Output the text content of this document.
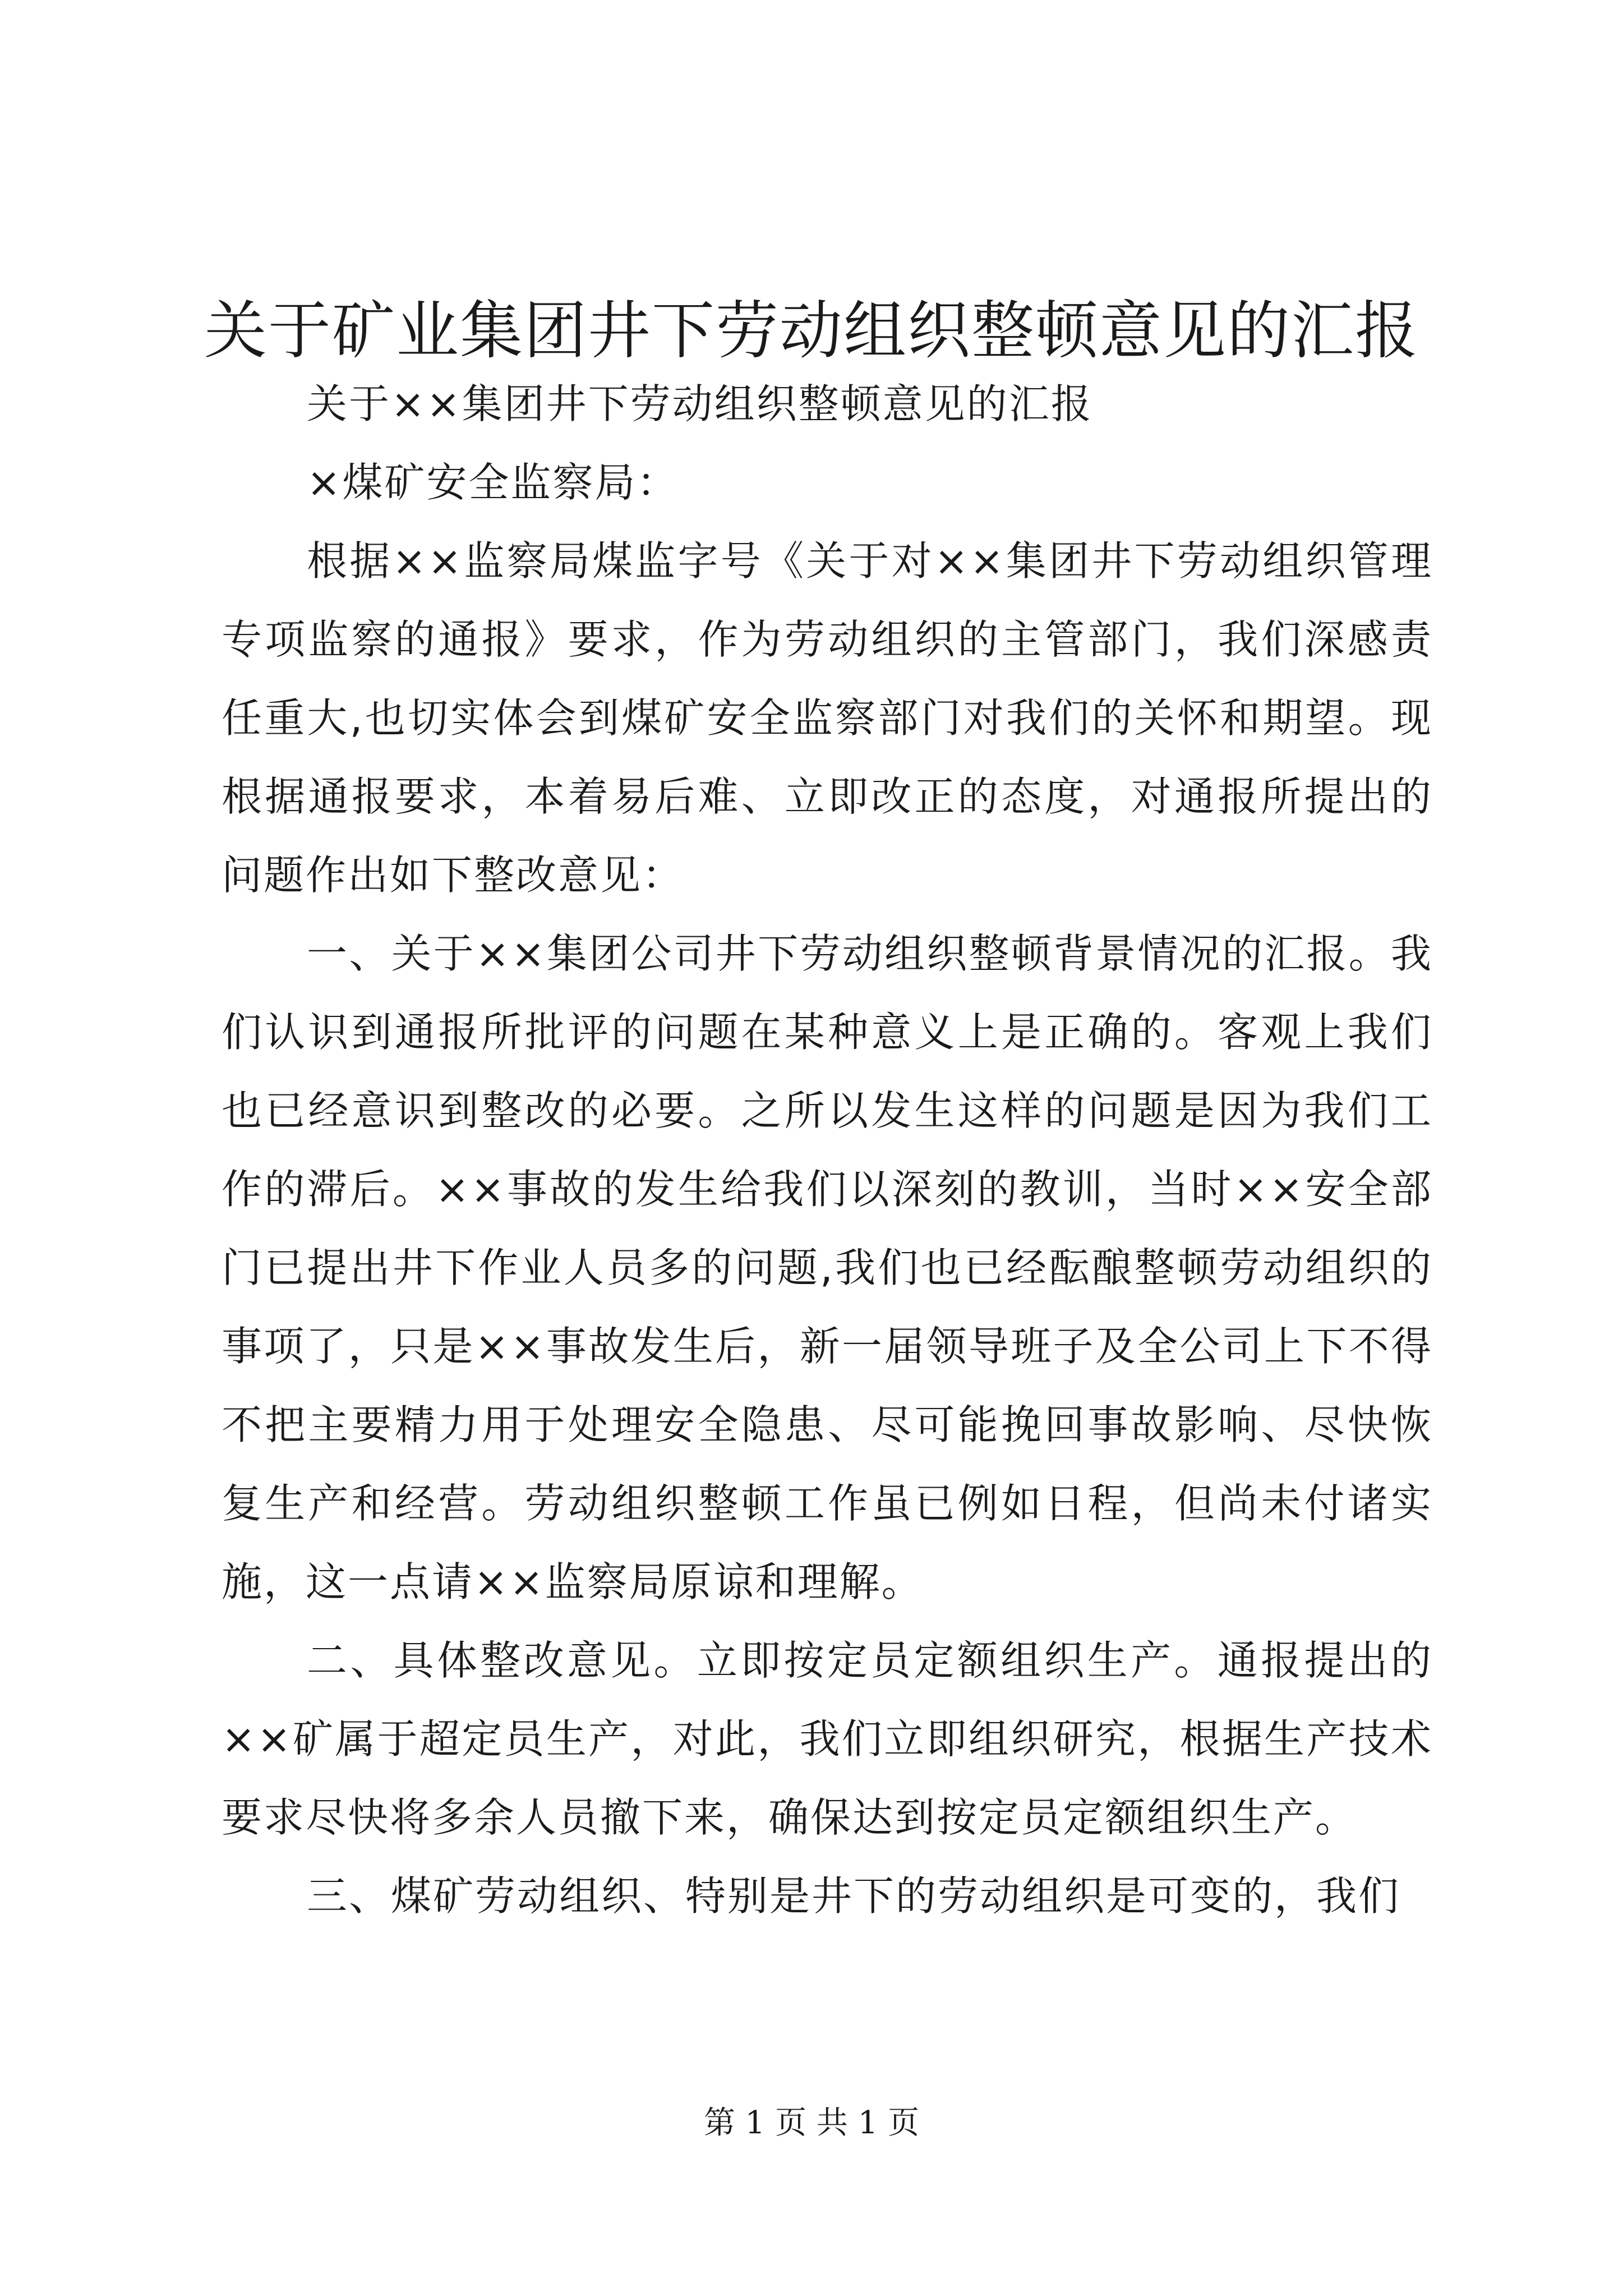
关于矿业集团井下劳动组织整顿意见的汇报

关于××集团井下劳动组织整顿意见的汇报

×煤矿安全监察局：

根据××监察局煤监字号《关于对××集团井下劳动组织管理专项监察的通报》要求，作为劳动组织的主管部门，我们深感责任重大,也切实体会到煤矿安全监察部门对我们的关怀和期望。现根据通报要求，本着易后难、立即改正的态度，对通报所提出的问题作出如下整改意见：

一、关于××集团公司井下劳动组织整顿背景情况的汇报。我们认识到通报所批评的问题在某种意义上是正确的。客观上我们也已经意识到整改的必要。之所以发生这样的问题是因为我们工作的滞后。××事故的发生给我们以深刻的教训，当时××安全部门已提出井下作业人员多的问题,我们也已经酝酿整顿劳动组织的事项了，只是××事故发生后，新一届领导班子及全公司上下不得不把主要精力用于处理安全隐患、尽可能挽回事故影响、尽快恢复生产和经营。劳动组织整顿工作虽已例如日程，但尚未付诸实施，这一点请××监察局原谅和理解。

二、具体整改意见。立即按定员定额组织生产。通报提出的××矿属于超定员生产，对此，我们立即组织研究，根据生产技术要求尽快将多余人员撤下来，确保达到按定员定额组织生产。

三、煤矿劳动组织、特别是井下的劳动组织是可变的，我们

第 1 页 共 1 页
